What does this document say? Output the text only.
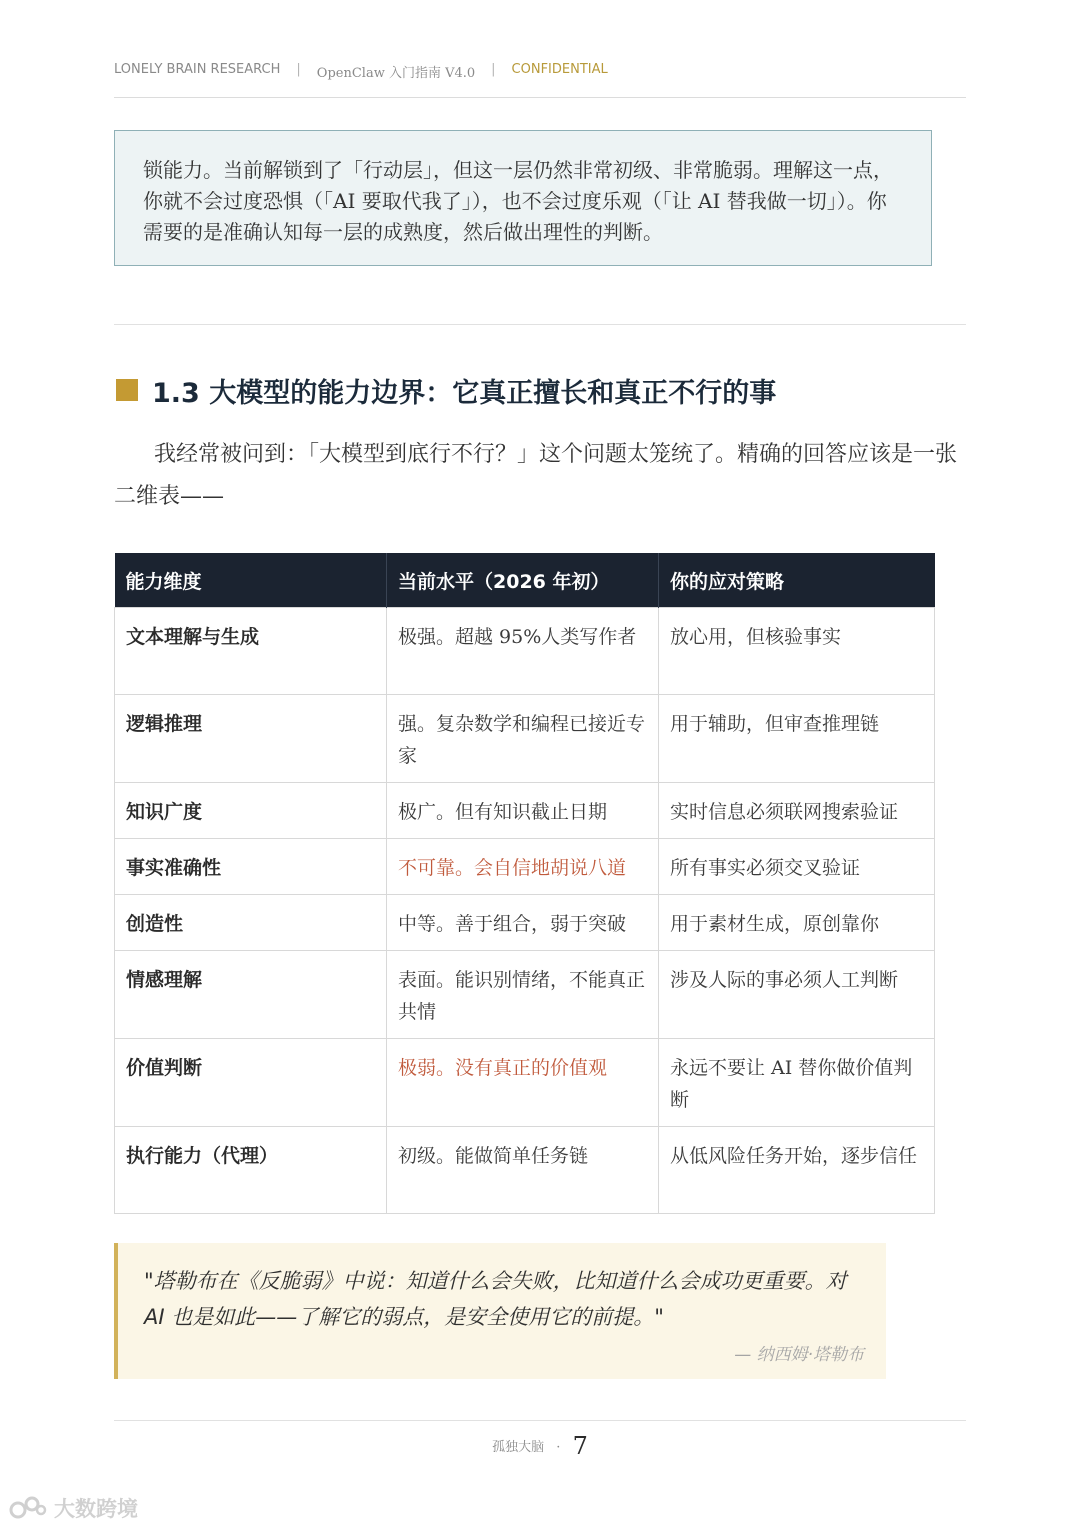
LONELY BRAIN RESEARCH | OpenClaw 入门指南 V4.0 | CONFIDENTIAL
锁能力。当前解锁到了「行动层」，但这一层仍然非常初级、非常脆弱。理解这一点，你就不会过度恐惧（「AI 要取代我了」），也不会过度乐观（「让 AI 替我做一切」）。你需要的是准确认知每一层的成熟度，然后做出理性的判断。
1.3 大模型的能力边界：它真正擅长和真正不行的事
我经常被问到：「大模型到底行不行？」这个问题太笼统了。精确的回答应该是一张二维表——
能力维度	当前水平（2026 年初）	你的应对策略
文本理解与生成	极强。超越 95%人类写作者	放心用，但核验事实
逻辑推理	强。复杂数学和编程已接近专家	用于辅助，但审查推理链
知识广度	极广。但有知识截止日期	实时信息必须联网搜索验证
事实准确性	不可靠。会自信地胡说八道	所有事实必须交叉验证
创造性	中等。善于组合，弱于突破	用于素材生成，原创靠你
情感理解	表面。能识别情绪，不能真正共情	涉及人际的事必须人工判断
价值判断	极弱。没有真正的价值观	永远不要让 AI 替你做价值判断
执行能力（代理）	初级。能做简单任务链	从低风险任务开始，逐步信任
"塔勒布在《反脆弱》中说：知道什么会失败，比知道什么会成功更重要。对AI 也是如此——了解它的弱点，是安全使用它的前提。"
— 纳西姆·塔勒布
孤独大脑 · 7
大数跨境
